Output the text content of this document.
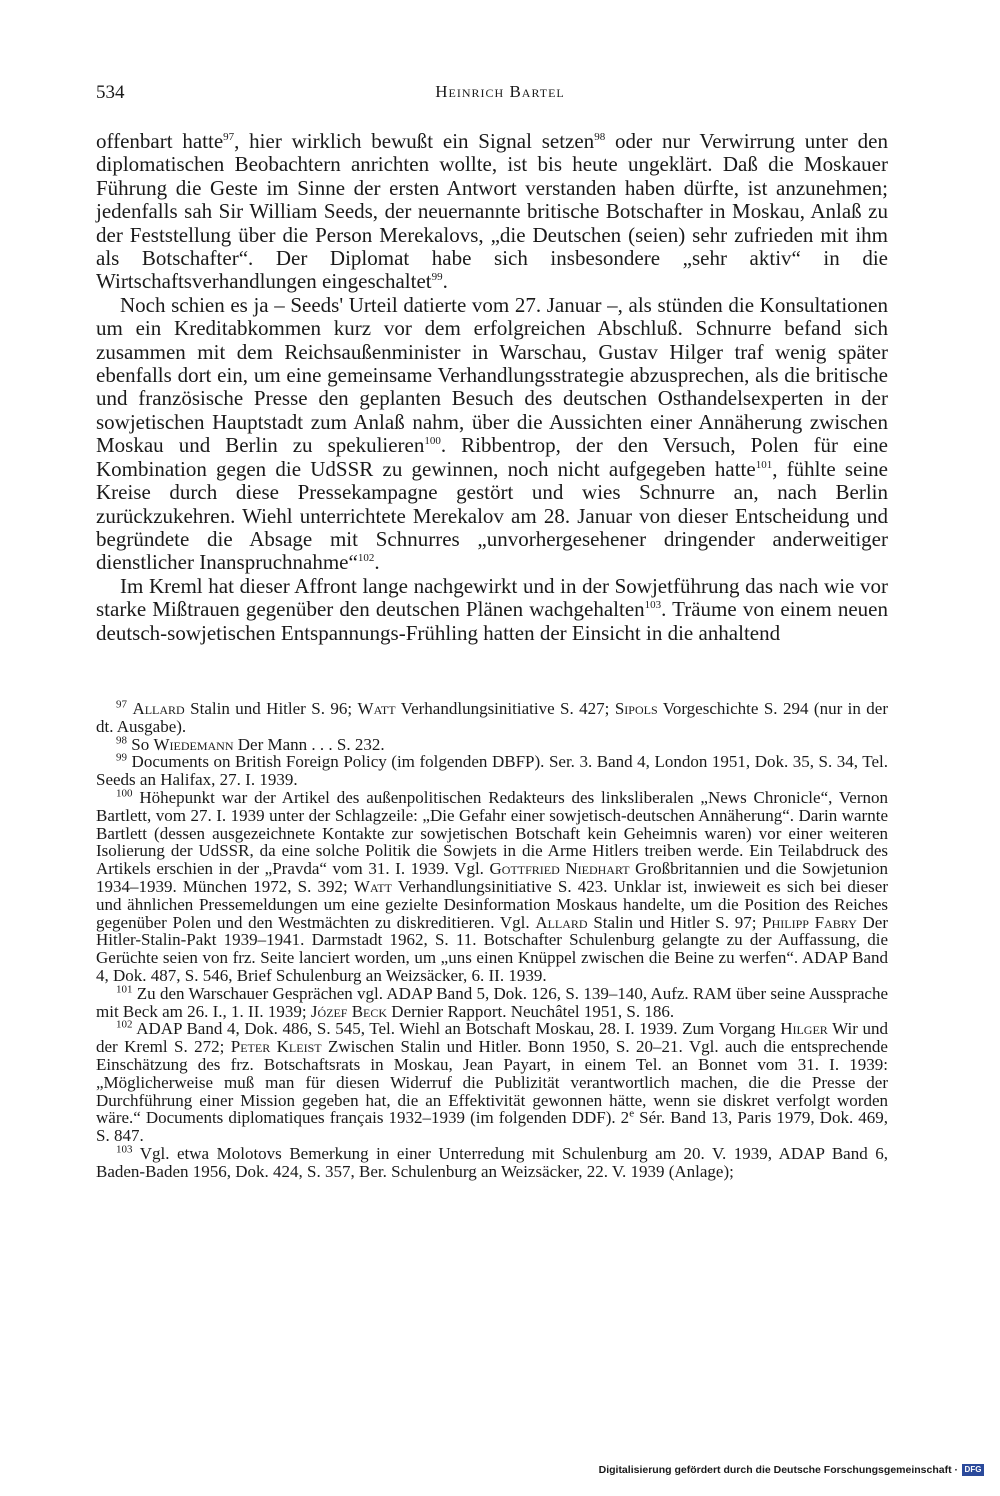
534	Heinrich Bartel

offenbart hatte$^{97}$, hier wirklich bewußt ein Signal setzen$^{98}$ oder nur Verwirrung unter den diplomatischen Beobachtern anrichten wollte, ist bis heute ungeklärt. Daß die Moskauer Führung die Geste im Sinne der ersten Antwort verstanden haben dürfte, ist anzunehmen; jedenfalls sah Sir William Seeds, der neuernannte britische Botschafter in Moskau, Anlaß zu der Feststellung über die Person Merekalovs, „die Deutschen (seien) sehr zufrieden mit ihm als Botschafter“. Der Diplomat habe sich insbesondere „sehr aktiv“ in die Wirtschaftsverhandlungen eingeschaltet$^{99}$.

Noch schien es ja – Seeds' Urteil datierte vom 27. Januar –, als stünden die Konsultationen um ein Kreditabkommen kurz vor dem erfolgreichen Abschluß. Schnurre befand sich zusammen mit dem Reichsaußenminister in Warschau, Gustav Hilger traf wenig später ebenfalls dort ein, um eine gemeinsame Verhandlungsstrategie abzusprechen, als die britische und französische Presse den geplanten Besuch des deutschen Osthandelsexperten in der sowjetischen Hauptstadt zum Anlaß nahm, über die Aussichten einer Annäherung zwischen Moskau und Berlin zu spekulieren$^{100}$. Ribbentrop, der den Versuch, Polen für eine Kombination gegen die UdSSR zu gewinnen, noch nicht aufgegeben hatte$^{101}$, fühlte seine Kreise durch diese Pressekampagne gestört und wies Schnurre an, nach Berlin zurückzukehren. Wiehl unterrichtete Merekalov am 28. Januar von dieser Entscheidung und begründete die Absage mit Schnurres „unvorhergesehener dringender anderweitiger dienstlicher Inanspruchnahme“$^{102}$.

Im Kreml hat dieser Affront lange nachgewirkt und in der Sowjetführung das nach wie vor starke Mißtrauen gegenüber den deutschen Plänen wachgehalten$^{103}$. Träume von einem neuen deutsch-sowjetischen Entspannungs-Frühling hatten der Einsicht in die anhaltend

$^{97}$ Allard Stalin und Hitler S. 96; Watt Verhandlungsinitiative S. 427; Sipols Vorgeschichte S. 294 (nur in der dt. Ausgabe).

$^{98}$ So Wiedemann Der Mann . . . S. 232.

$^{99}$ Documents on British Foreign Policy (im folgenden DBFP). Ser. 3. Band 4, London 1951, Dok. 35, S. 34, Tel. Seeds an Halifax, 27. I. 1939.

$^{100}$ Höhepunkt war der Artikel des außenpolitischen Redakteurs des linksliberalen „News Chronicle“, Vernon Bartlett, vom 27. I. 1939 unter der Schlagzeile: „Die Gefahr einer sowjetisch-deutschen Annäherung“. Darin warnte Bartlett (dessen ausgezeichnete Kontakte zur sowjetischen Botschaft kein Geheimnis waren) vor einer weiteren Isolierung der UdSSR, da eine solche Politik die Sowjets in die Arme Hitlers treiben werde. Ein Teilabdruck des Artikels erschien in der „Pravda“ vom 31. I. 1939. Vgl. Gottfried Niedhart Großbritannien und die Sowjetunion 1934–1939. München 1972, S. 392; Watt Verhandlungsinitiative S. 423. Unklar ist, inwieweit es sich bei dieser und ähnlichen Pressemeldungen um eine gezielte Desinformation Moskaus handelte, um die Position des Reiches gegenüber Polen und den Westmächten zu diskreditieren. Vgl. Allard Stalin und Hitler S. 97; Philipp Fabry Der Hitler-Stalin-Pakt 1939–1941. Darmstadt 1962, S. 11. Botschafter Schulenburg gelangte zu der Auffassung, die Gerüchte seien von frz. Seite lanciert worden, um „uns einen Knüppel zwischen die Beine zu werfen“. ADAP Band 4, Dok. 487, S. 546, Brief Schulenburg an Weizsäcker, 6. II. 1939.

$^{101}$ Zu den Warschauer Gesprächen vgl. ADAP Band 5, Dok. 126, S. 139–140, Aufz. RAM über seine Aussprache mit Beck am 26. I., 1. II. 1939; Józef Beck Dernier Rapport. Neuchâtel 1951, S. 186.

$^{102}$ ADAP Band 4, Dok. 486, S. 545, Tel. Wiehl an Botschaft Moskau, 28. I. 1939. Zum Vorgang Hilger Wir und der Kreml S. 272; Peter Kleist Zwischen Stalin und Hitler. Bonn 1950, S. 20–21. Vgl. auch die entsprechende Einschätzung des frz. Botschaftsrats in Moskau, Jean Payart, in einem Tel. an Bonnet vom 31. I. 1939: „Möglicherweise muß man für diesen Widerruf die Publizität verantwortlich machen, die die Presse der Durchführung einer Mission gegeben hat, die an Effektivität gewonnen hätte, wenn sie diskret verfolgt worden wäre.“ Documents diplomatiques français 1932–1939 (im folgenden DDF). 2e Sér. Band 13, Paris 1979, Dok. 469, S. 847.

$^{103}$ Vgl. etwa Molotovs Bemerkung in einer Unterredung mit Schulenburg am 20. V. 1939, ADAP Band 6, Baden-Baden 1956, Dok. 424, S. 357, Ber. Schulenburg an Weizsäcker, 22. V. 1939 (Anlage);

Digitalisierung gefördert durch die Deutsche Forschungsgemeinschaft · DFG
